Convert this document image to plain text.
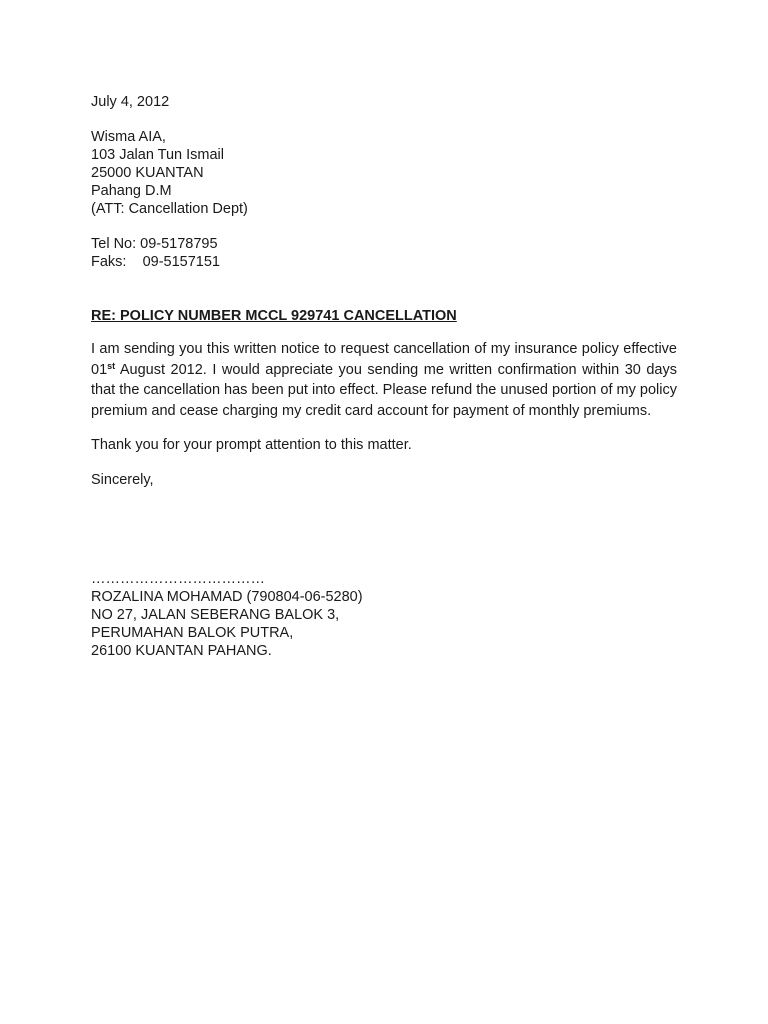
July 4, 2012
Wisma AIA,
103 Jalan Tun Ismail
25000 KUANTAN
Pahang D.M
(ATT: Cancellation Dept)
Tel No: 09-5178795
Faks:    09-5157151
RE: POLICY NUMBER MCCL 929741 CANCELLATION

I am sending you this written notice to request cancellation of my insurance policy effective 01st August 2012. I would appreciate you sending me written confirmation within 30 days that the cancellation has been put into effect. Please refund the unused portion of my policy premium and cease charging my credit card account for payment of monthly premiums.

Thank you for your prompt attention to this matter.
Sincerely,
………………………………
ROZALINA MOHAMAD (790804-06-5280)
NO 27, JALAN SEBERANG BALOK 3,
PERUMAHAN BALOK PUTRA,
26100 KUANTAN PAHANG.
